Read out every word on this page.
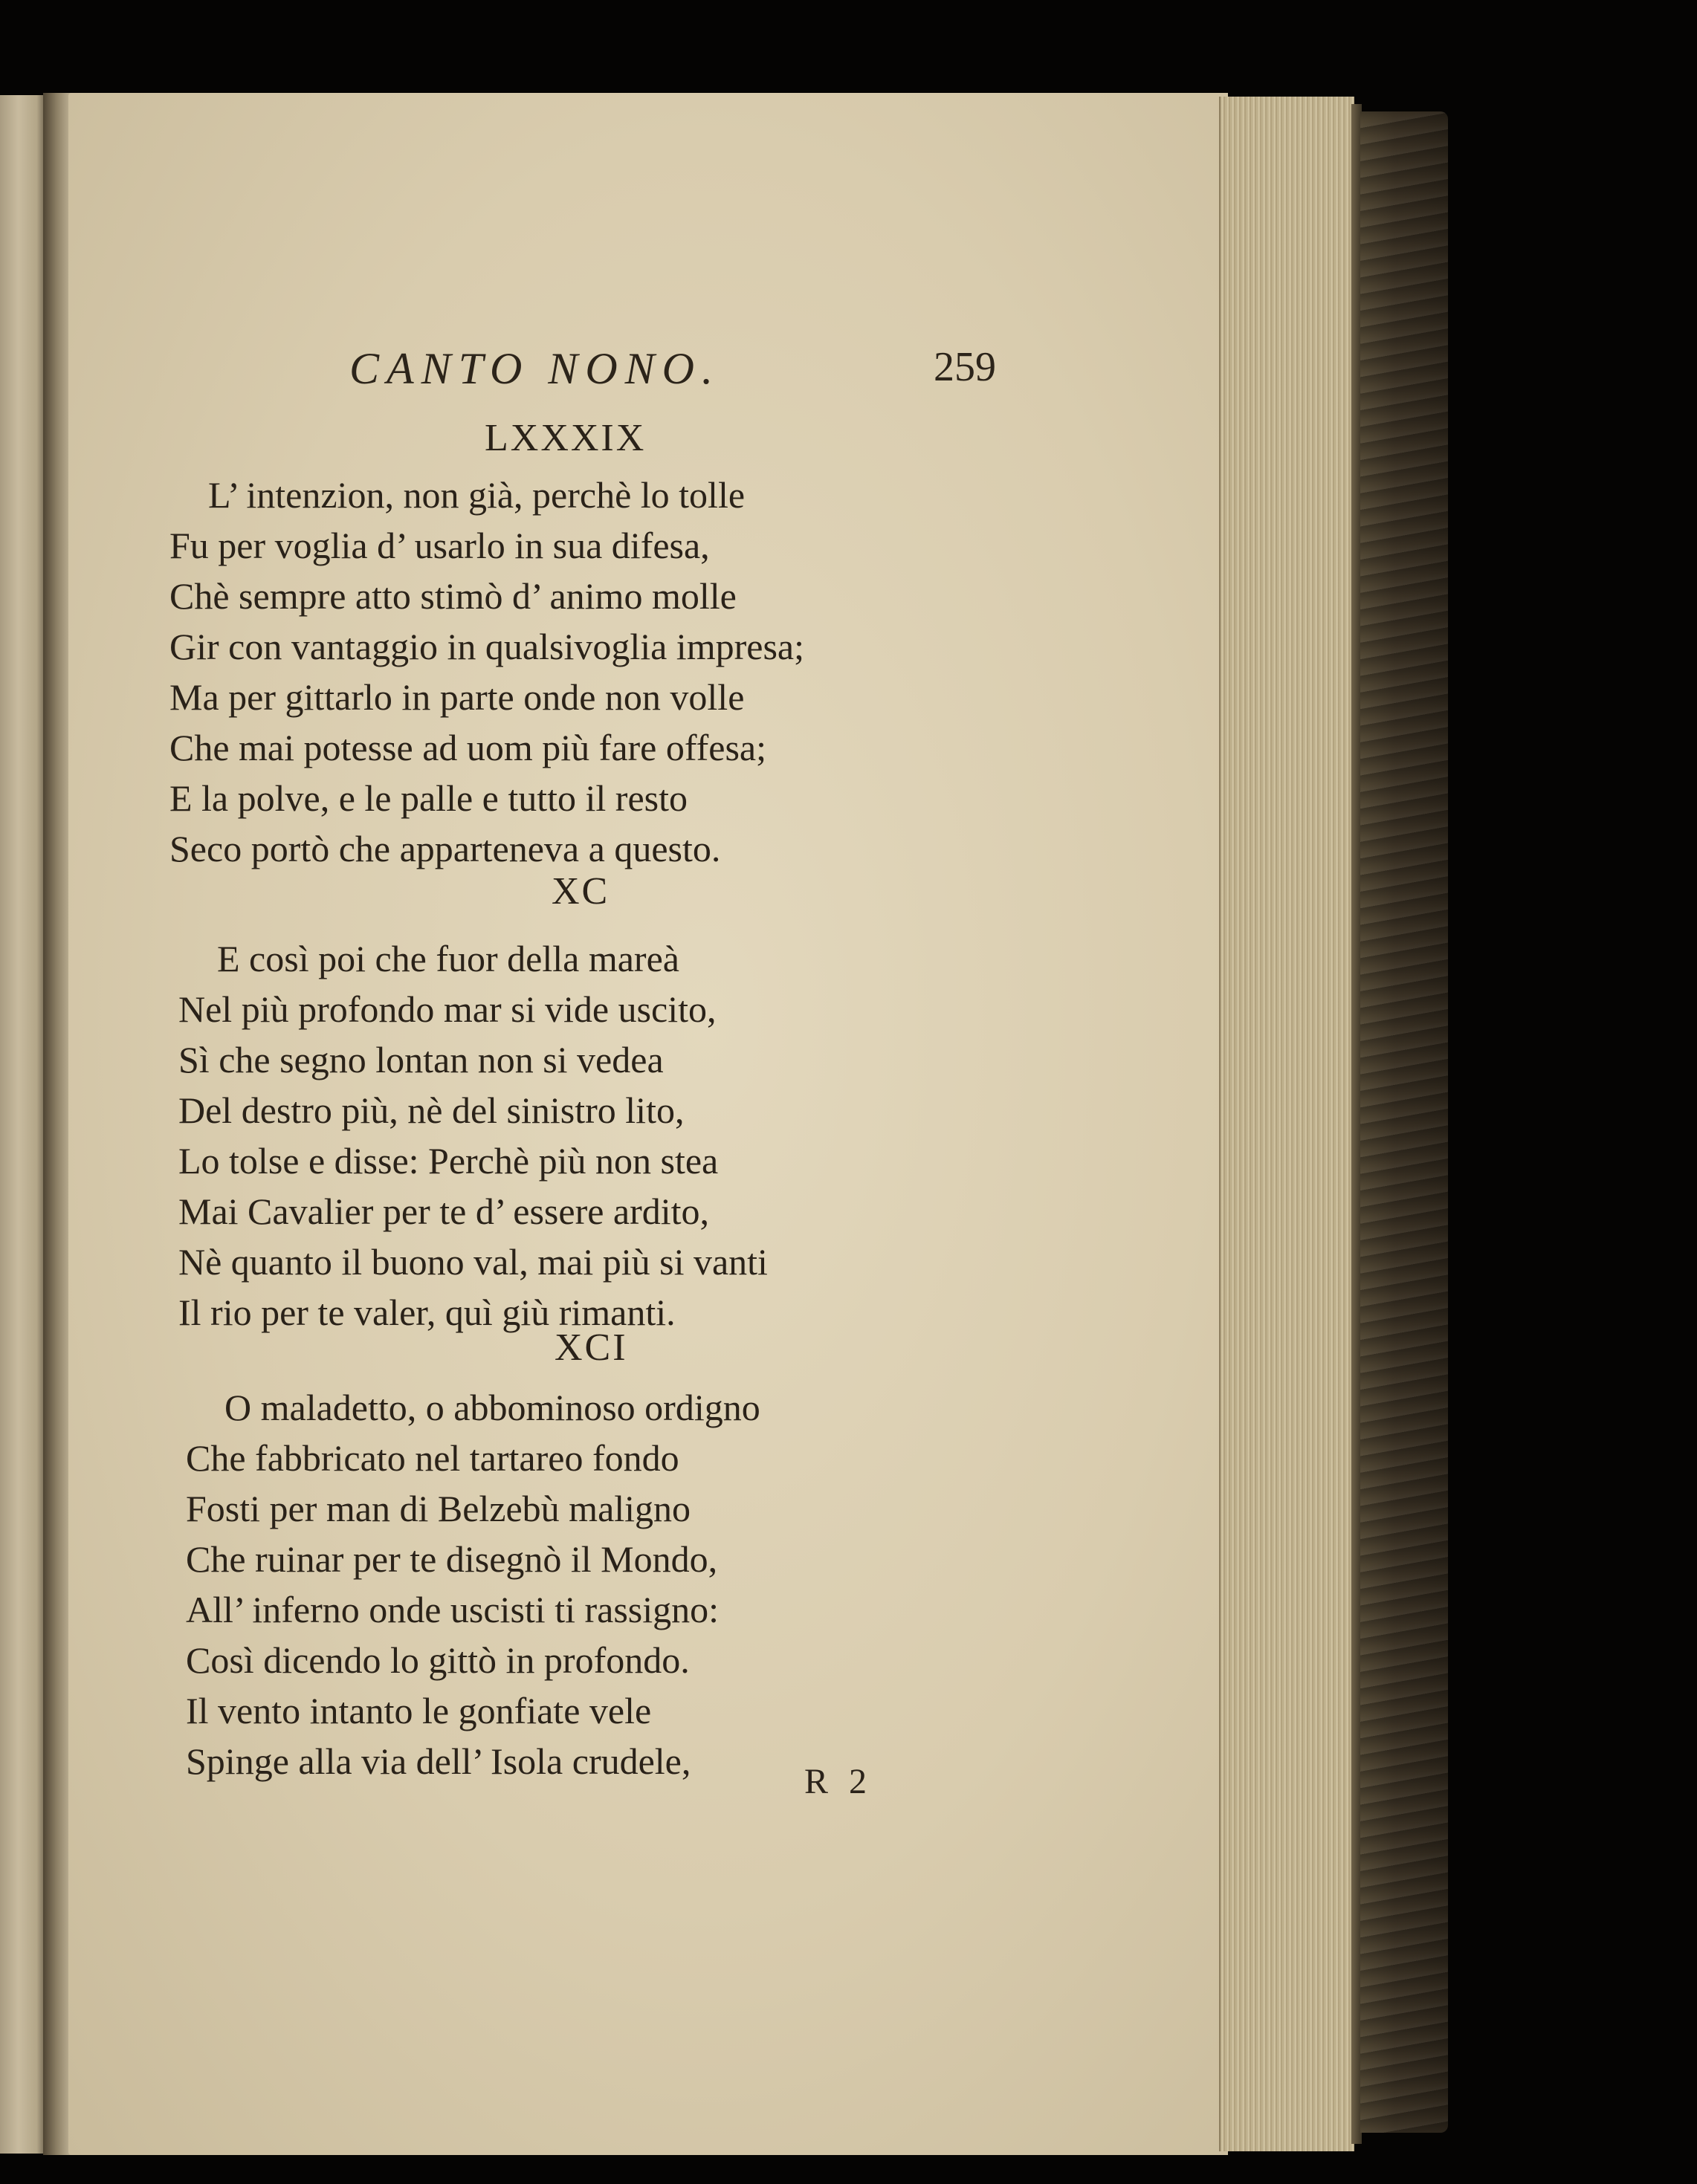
CANTO NONO.	259
LXXXIX
L’ intenzion, non già, perchè lo tolle
Fu per voglia d’ usarlo in sua difesa,
Chè sempre atto stimò d’ animo molle
Gir con vantaggio in qualsivoglia impresa;
Ma per gittarlo in parte onde non volle
Che mai potesse ad uom più fare offesa;
E la polve, e le palle e tutto il resto
Seco portò che apparteneva a questo.
XC
E così poi che fuor della mareà
Nel più profondo mar si vide uscito,
Sì che segno lontan non si vedea
Del destro più, nè del sinistro lito,
Lo tolse e disse: Perchè più non stea
Mai Cavalier per te d’ essere ardito,
Nè quanto il buono val, mai più si vanti
Il rio per te valer, quì giù rimanti.
XCI
O maladetto, o abbominoso ordigno
Che fabbricato nel tartareo fondo
Fosti per man di Belzebù maligno
Che ruinar per te disegnò il Mondo,
All’ inferno onde uscisti ti rassigno:
Così dicendo lo gittò in profondo.
Il vento intanto le gonfiate vele
Spinge alla via dell’ Isola crudele,	R 2
